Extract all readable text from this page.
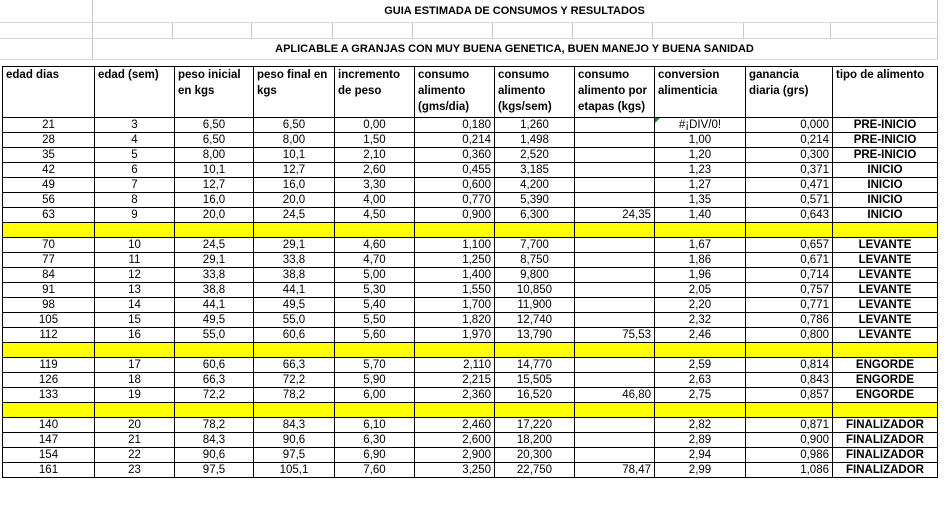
	GUIA ESTIMADA DE CONSUMOS Y RESULTADOS									

	APLICABLE A GRANJAS CON MUY BUENA GENETICA, BUEN MANEJO Y BUENA SANIDAD									
edad dias	edad (sem)	peso inicial en kgs	peso final en kgs	incremento de peso	consumo alimento (gms/dia)	consumo alimento (kgs/sem)	consumo alimento por etapas (kgs)	conversion alimenticia	ganancia diaria (grs)	tipo de alimento
21	3	6,50	6,50	0,00	0,180	1,260		#¡DIV/0!	0,000	PRE-INICIO
28	4	6,50	8,00	1,50	0,214	1,498		1,00	0,214	PRE-INICIO
35	5	8,00	10,1	2,10	0,360	2,520		1,20	0,300	PRE-INICIO
42	6	10,1	12,7	2,60	0,455	3,185		1,23	0,371	INICIO
49	7	12,7	16,0	3,30	0,600	4,200		1,27	0,471	INICIO
56	8	16,0	20,0	4,00	0,770	5,390		1,35	0,571	INICIO
63	9	20,0	24,5	4,50	0,900	6,300	24,35	1,40	0,643	INICIO

70	10	24,5	29,1	4,60	1,100	7,700		1,67	0,657	LEVANTE
77	11	29,1	33,8	4,70	1,250	8,750		1,86	0,671	LEVANTE
84	12	33,8	38,8	5,00	1,400	9,800		1,96	0,714	LEVANTE
91	13	38,8	44,1	5,30	1,550	10,850		2,05	0,757	LEVANTE
98	14	44,1	49,5	5,40	1,700	11,900		2,20	0,771	LEVANTE
105	15	49,5	55,0	5,50	1,820	12,740		2,32	0,786	LEVANTE
112	16	55,0	60,6	5,60	1,970	13,790	75,53	2,46	0,800	LEVANTE

119	17	60,6	66,3	5,70	2,110	14,770		2,59	0,814	ENGORDE
126	18	66,3	72,2	5,90	2,215	15,505		2,63	0,843	ENGORDE
133	19	72,2	78,2	6,00	2,360	16,520	46,80	2,75	0,857	ENGORDE

140	20	78,2	84,3	6,10	2,460	17,220		2,82	0,871	FINALIZADOR
147	21	84,3	90,6	6,30	2,600	18,200		2,89	0,900	FINALIZADOR
154	22	90,6	97,5	6,90	2,900	20,300		2,94	0,986	FINALIZADOR
161	23	97,5	105,1	7,60	3,250	22,750	78,47	2,99	1,086	FINALIZADOR
